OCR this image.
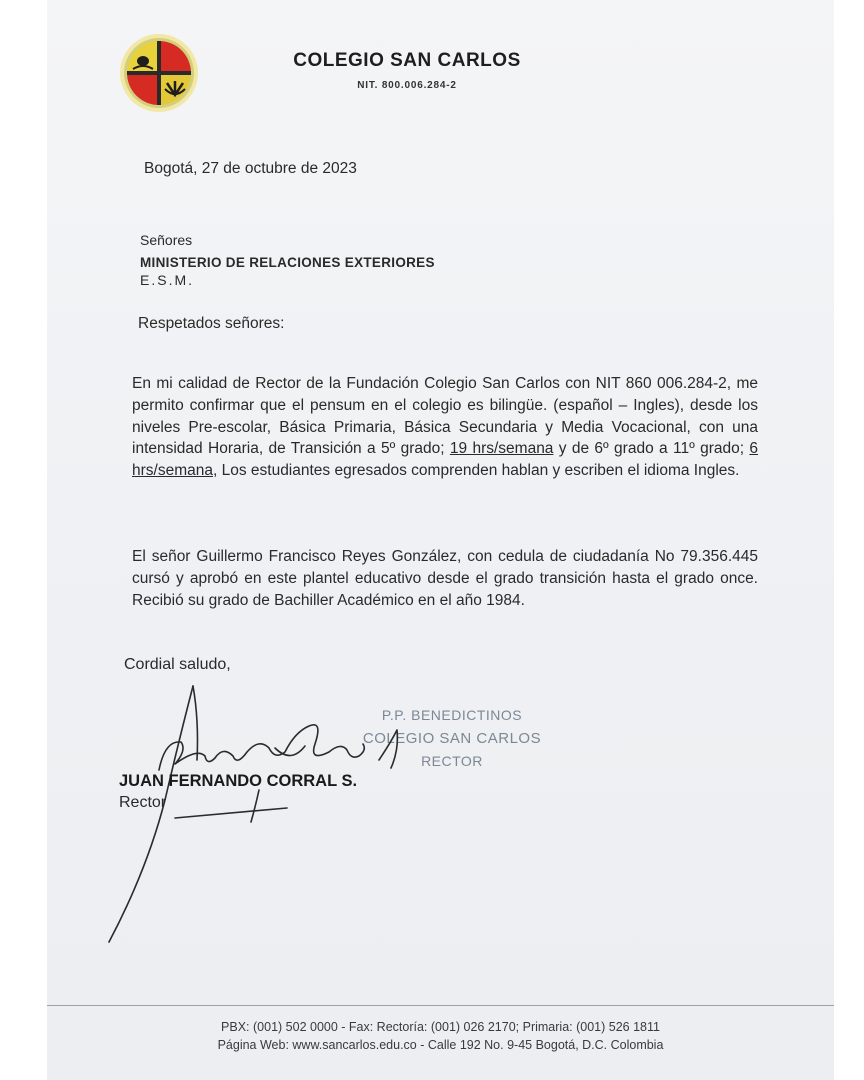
COLEGIO SAN CARLOS
NIT. 800.006.284-2
Bogotá, 27 de octubre de 2023
Señores
MINISTERIO DE RELACIONES EXTERIORES
E.S.M.
Respetados señores:
En mi calidad de Rector de la Fundación Colegio San Carlos con NIT 860 006.284-2, me permito confirmar que el pensum en el colegio es bilingüe. (español – Ingles), desde los niveles Pre-escolar, Básica Primaria, Básica Secundaria y Media Vocacional, con una intensidad Horaria, de Transición a 5º grado; 19 hrs/semana y de 6º grado a 11º grado; 6 hrs/semana, Los estudiantes egresados comprenden hablan y escriben el idioma Ingles.
El señor Guillermo Francisco Reyes González, con cedula de ciudadanía No 79.356.445 cursó y aprobó en este plantel educativo desde el grado transición hasta el grado once. Recibió su grado de Bachiller Académico en el año 1984.
Cordial saludo,
P.P. BENEDICTINOS
COLEGIO SAN CARLOS
RECTOR
JUAN FERNANDO CORRAL S.
Rector
PBX: (001) 502 0000 - Fax: Rectoría: (001) 026 2170; Primaria: (001) 526 1811
Página Web: www.sancarlos.edu.co - Calle 192 No. 9-45 Bogotá, D.C. Colombia
